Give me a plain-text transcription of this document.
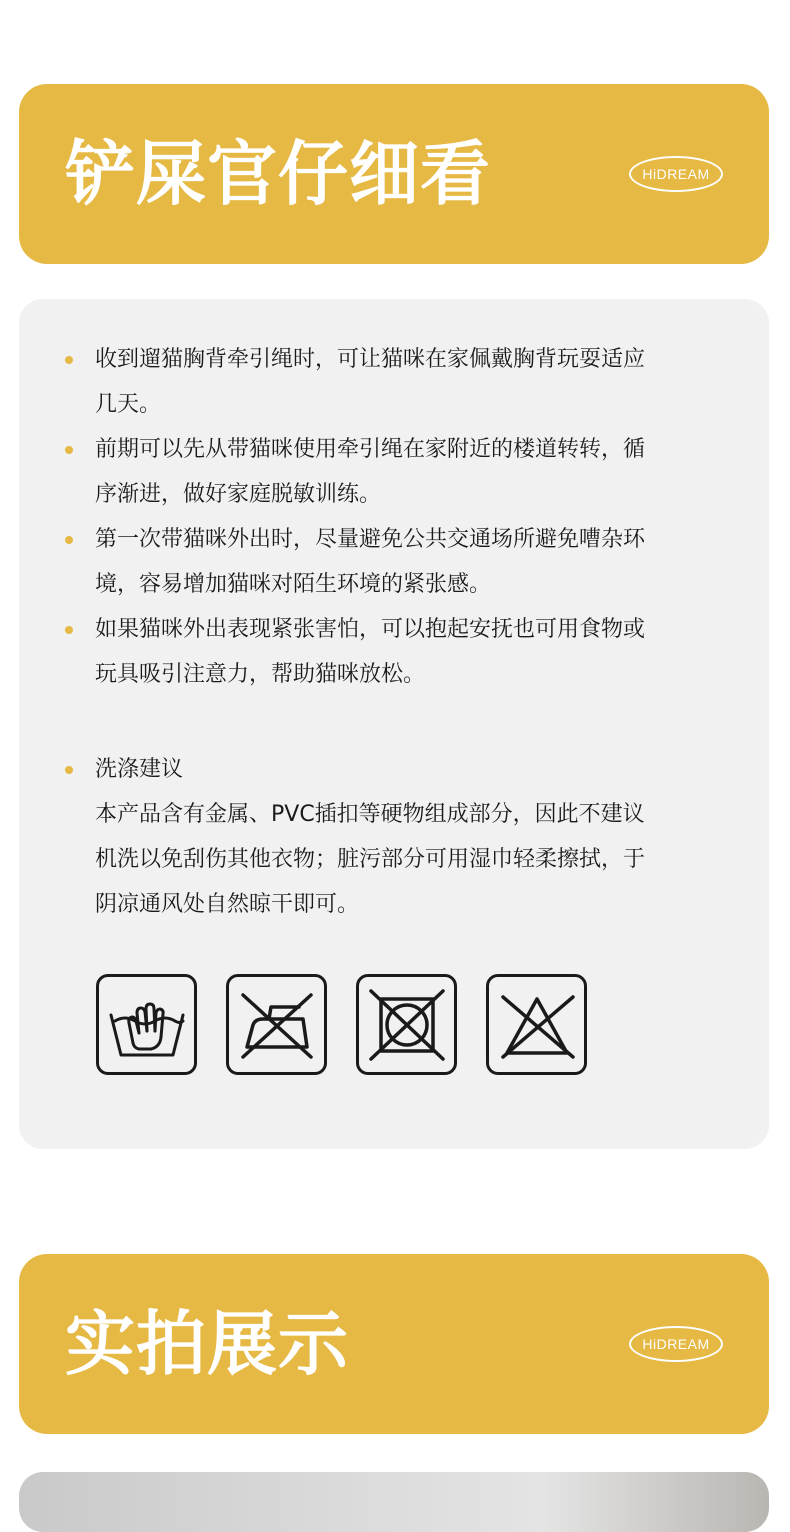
铲屎官仔细看	HiDREAM
收到遛猫胸背牵引绳时，可让猫咪在家佩戴胸背玩耍适应
几天。
前期可以先从带猫咪使用牵引绳在家附近的楼道转转，循
序渐进，做好家庭脱敏训练。
第一次带猫咪外出时，尽量避免公共交通场所避免嘈杂环
境，容易增加猫咪对陌生环境的紧张感。
如果猫咪外出表现紧张害怕，可以抱起安抚也可用食物或
玩具吸引注意力，帮助猫咪放松。
洗涤建议
本产品含有金属、PVC插扣等硬物组成部分，因此不建议
机洗以免刮伤其他衣物；脏污部分可用湿巾轻柔擦拭，于
阴凉通风处自然晾干即可。
实拍展示	HiDREAM
